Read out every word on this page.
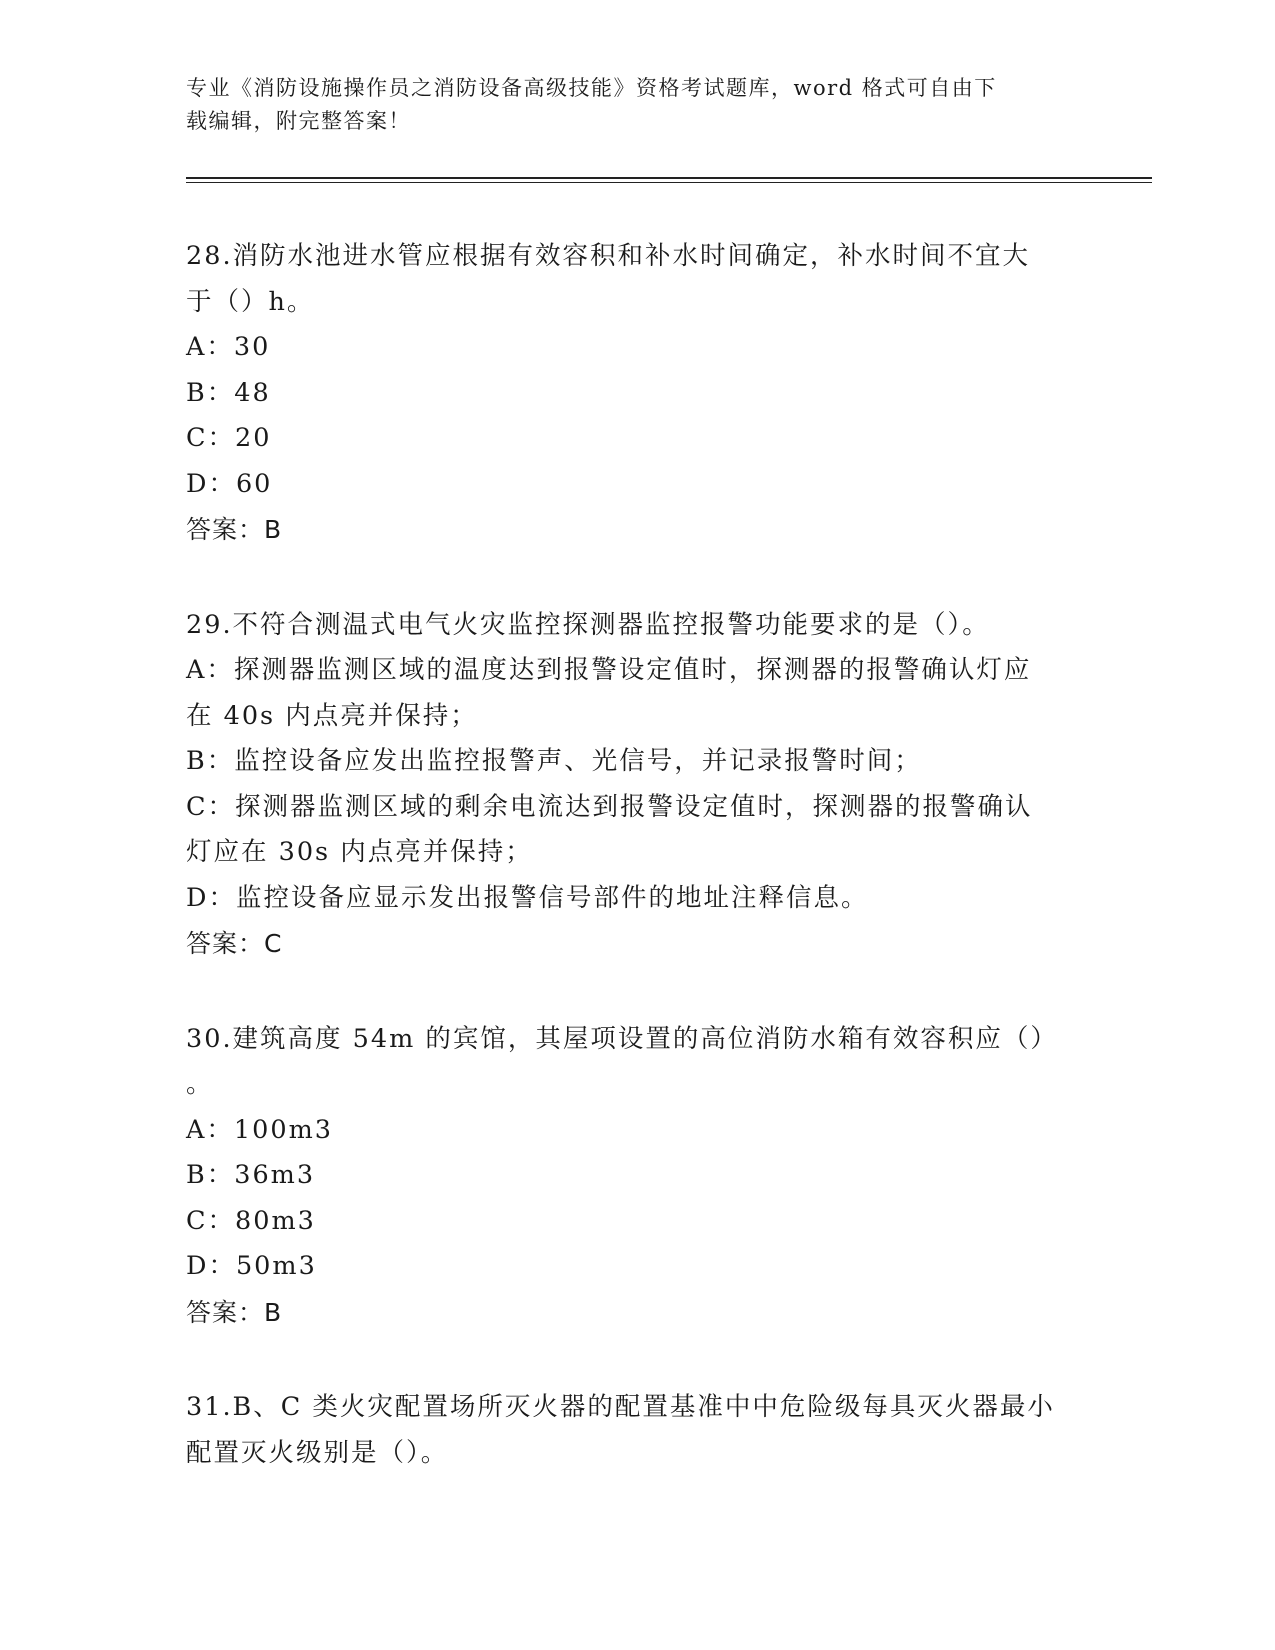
专业《消防设施操作员之消防设备高级技能》资格考试题库，word 格式可自由下
载编辑，附完整答案！

28.消防水池进水管应根据有效容积和补水时间确定，补水时间不宜大

于（）h。

A：30

B：48

C：20

D：60

答案：B

29.不符合测温式电气火灾监控探测器监控报警功能要求的是（）。

A：探测器监测区域的温度达到报警设定值时，探测器的报警确认灯应

在 40s 内点亮并保持；

B：监控设备应发出监控报警声、光信号，并记录报警时间；

C：探测器监测区域的剩余电流达到报警设定值时，探测器的报警确认

灯应在 30s 内点亮并保持；

D：监控设备应显示发出报警信号部件的地址注释信息。

答案：C

30.建筑高度 54m 的宾馆，其屋项设置的高位消防水箱有效容积应（）

。

A：100m3

B：36m3

C：80m3

D：50m3

答案：B

31.B、C 类火灾配置场所灭火器的配置基准中中危险级每具灭火器最小

配置灭火级别是（）。
